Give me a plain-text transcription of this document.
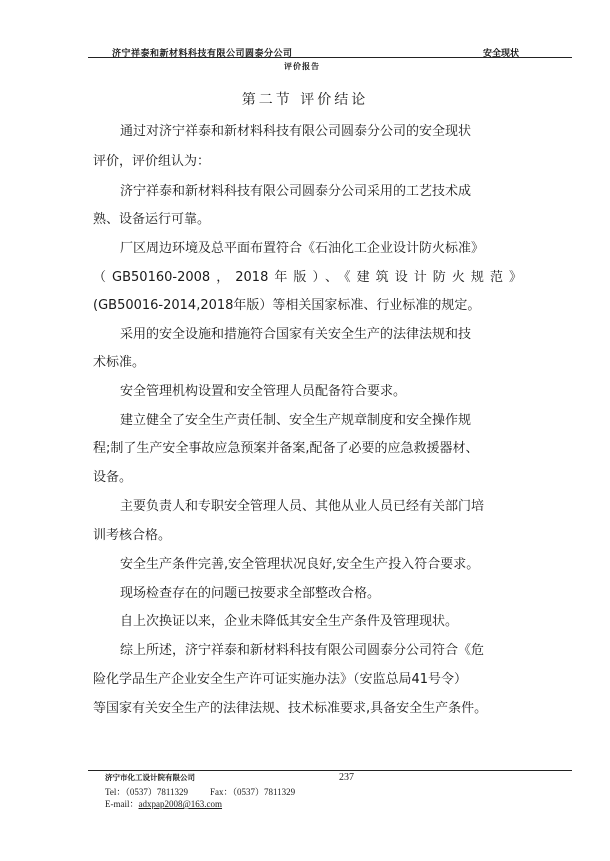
济宁祥泰和新材料科技有限公司圆泰分公司	安全现状
评价报告
第二节 评价结论
通过对济宁祥泰和新材料科技有限公司圆泰分公司的安全现状
评价，评价组认为：
济宁祥泰和新材料科技有限公司圆泰分公司采用的工艺技术成
熟、设备运行可靠。
厂区周边环境及总平面布置符合《石油化工企业设计防火标准》
（GB50160-2008，2018年版）、《建筑设计防火规范》
(GB50016-2014,2018年版）等相关国家标准、行业标准的规定。
采用的安全设施和措施符合国家有关安全生产的法律法规和技
术标准。
安全管理机构设置和安全管理人员配备符合要求。
建立健全了安全生产责任制、安全生产规章制度和安全操作规
程;制了生产安全事故应急预案并备案,配备了必要的应急救援器材、
设备。
主要负责人和专职安全管理人员、其他从业人员已经有关部门培
训考核合格。
安全生产条件完善,安全管理状况良好,安全生产投入符合要求。
现场检查存在的问题已按要求全部整改合格。
自上次换证以来，企业未降低其安全生产条件及管理现状。
综上所述，济宁祥泰和新材料科技有限公司圆泰分公司符合《危
险化学品生产企业安全生产许可证实施办法》（安监总局41号令）
等国家有关安全生产的法律法规、技术标准要求,具备安全生产条件。
济宁市化工设计院有限公司	237
Tel：（0537）7811329 Fax：（0537）7811329
E-mail：adxpap2008@163.com
